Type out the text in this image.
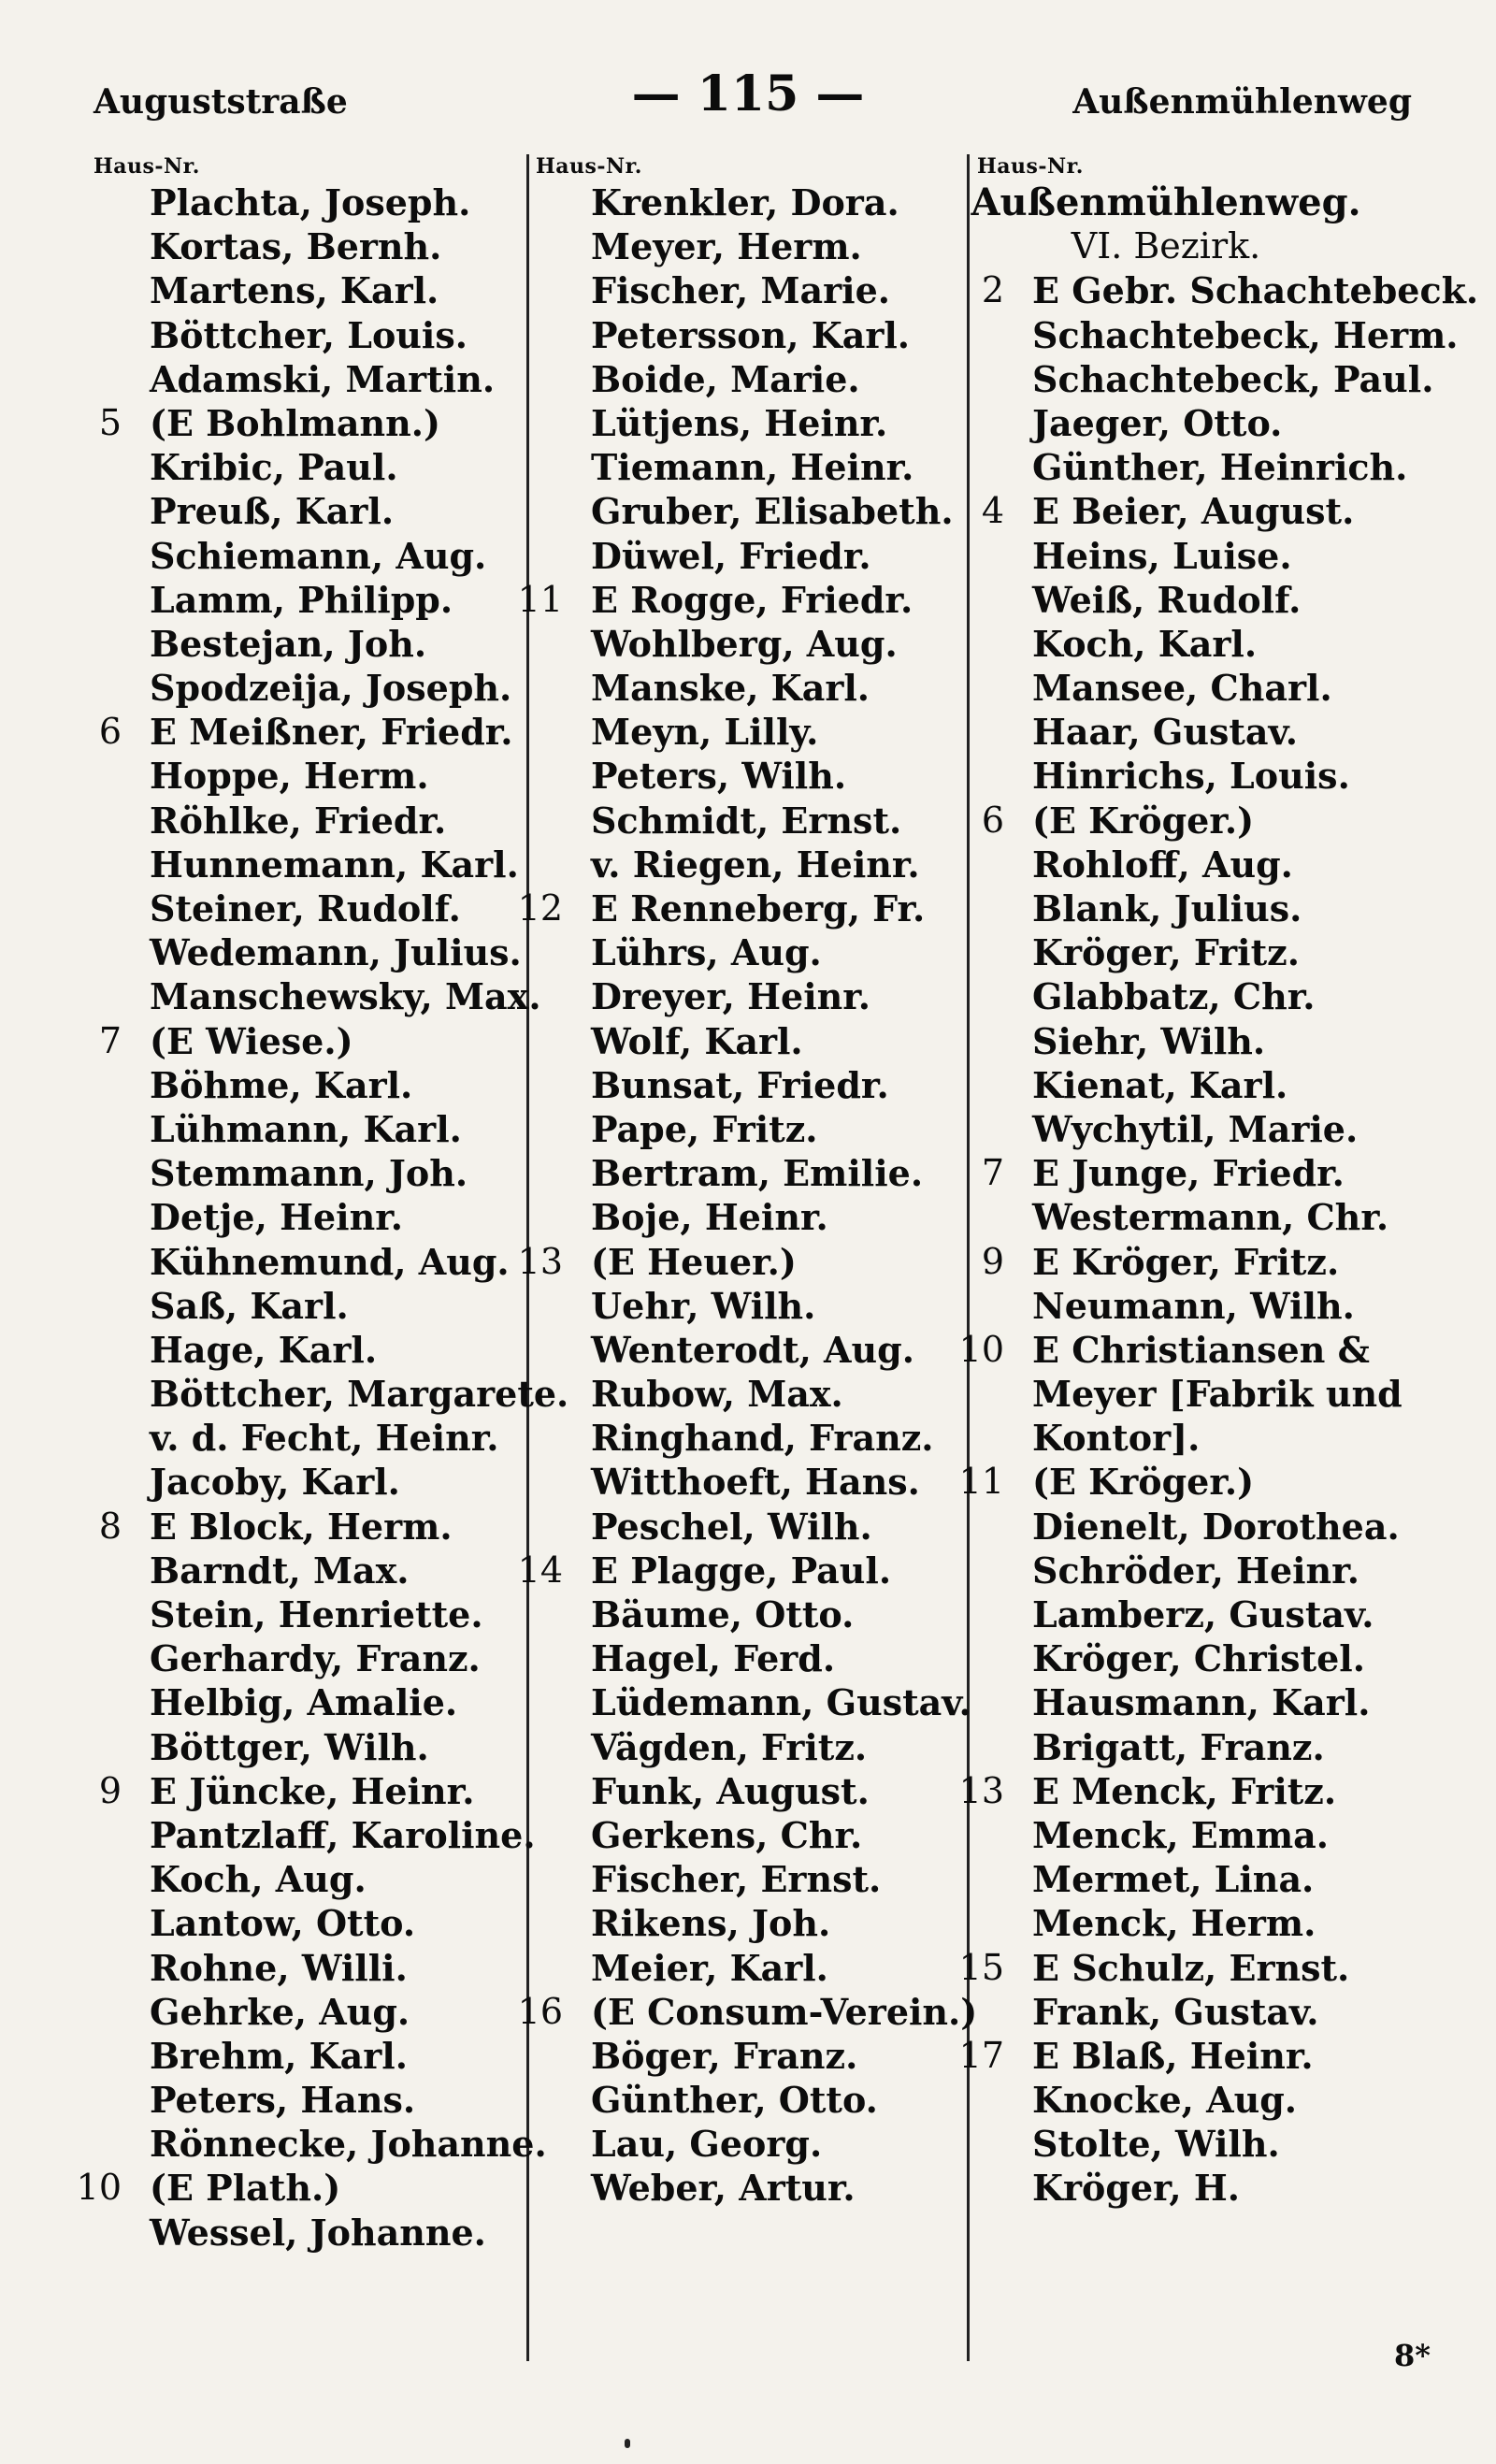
Auguststraße	— 115 —	Außenmühlenweg
Haus-Nr.	Haus-Nr.	Haus-Nr.
Plachta, Joseph.
Kortas, Bernh.
Martens, Karl.
Böttcher, Louis.
Adamski, Martin.
5 (E Bohlmann.)
Kribic, Paul.
Preuß, Karl.
Schiemann, Aug.
Lamm, Philipp.
Bestejan, Joh.
Spodzeija, Joseph.
6 E Meißner, Friedr.
Hoppe, Herm.
Röhlke, Friedr.
Hunnemann, Karl.
Steiner, Rudolf.
Wedemann, Julius.
Manschewsky, Max.
7 (E Wiese.)
Böhme, Karl.
Lühmann, Karl.
Stemmann, Joh.
Detje, Heinr.
Kühnemund, Aug.
Saß, Karl.
Hage, Karl.
Böttcher, Margarete.
v. d. Fecht, Heinr.
Jacoby, Karl.
8 E Block, Herm.
Barndt, Max.
Stein, Henriette.
Gerhardy, Franz.
Helbig, Amalie.
Böttger, Wilh.
9 E Jüncke, Heinr.
Pantzlaff, Karoline.
Koch, Aug.
Lantow, Otto.
Rohne, Willi.
Gehrke, Aug.
Brehm, Karl.
Peters, Hans.
Rönnecke, Johanne.
10 (E Plath.)
Wessel, Johanne.
Krenkler, Dora.
Meyer, Herm.
Fischer, Marie.
Petersson, Karl.
Boide, Marie.
Lütjens, Heinr.
Tiemann, Heinr.
Gruber, Elisabeth.
Düwel, Friedr.
11 E Rogge, Friedr.
Wohlberg, Aug.
Manske, Karl.
Meyn, Lilly.
Peters, Wilh.
Schmidt, Ernst.
v. Riegen, Heinr.
12 E Renneberg, Fr.
Lührs, Aug.
Dreyer, Heinr.
Wolf, Karl.
Bunsat, Friedr.
Pape, Fritz.
Bertram, Emilie.
Boje, Heinr.
13 (E Heuer.)
Uehr, Wilh.
Wenterodt, Aug.
Rubow, Max.
Ringhand, Franz.
Witthoeft, Hans.
Peschel, Wilh.
14 E Plagge, Paul.
Bäume, Otto.
Hagel, Ferd.
Lüdemann, Gustav.
Vägden, Fritz.
Funk, August.
Gerkens, Chr.
Fischer, Ernst.
Rikens, Joh.
Meier, Karl.
16 (E Consum-Verein.)
Böger, Franz.
Günther, Otto.
Lau, Georg.
Weber, Artur.
Außenmühlenweg.
VI. Bezirk.
2 E Gebr. Schachtebeck.
Schachtebeck, Herm.
Schachtebeck, Paul.
Jaeger, Otto.
Günther, Heinrich.
4 E Beier, August.
Heins, Luise.
Weiß, Rudolf.
Koch, Karl.
Mansee, Charl.
Haar, Gustav.
Hinrichs, Louis.
6 (E Kröger.)
Rohloff, Aug.
Blank, Julius.
Kröger, Fritz.
Glabbatz, Chr.
Siehr, Wilh.
Kienat, Karl.
Wychytil, Marie.
7 E Junge, Friedr.
Westermann, Chr.
9 E Kröger, Fritz.
Neumann, Wilh.
10 E Christiansen &
Meyer [Fabrik und
Kontor].
11 (E Kröger.)
Dienelt, Dorothea.
Schröder, Heinr.
Lamberz, Gustav.
Kröger, Christel.
Hausmann, Karl.
Brigatt, Franz.
13 E Menck, Fritz.
Menck, Emma.
Mermet, Lina.
Menck, Herm.
15 E Schulz, Ernst.
Frank, Gustav.
17 E Blaß, Heinr.
Knocke, Aug.
Stolte, Wilh.
Kröger, H.
8*
